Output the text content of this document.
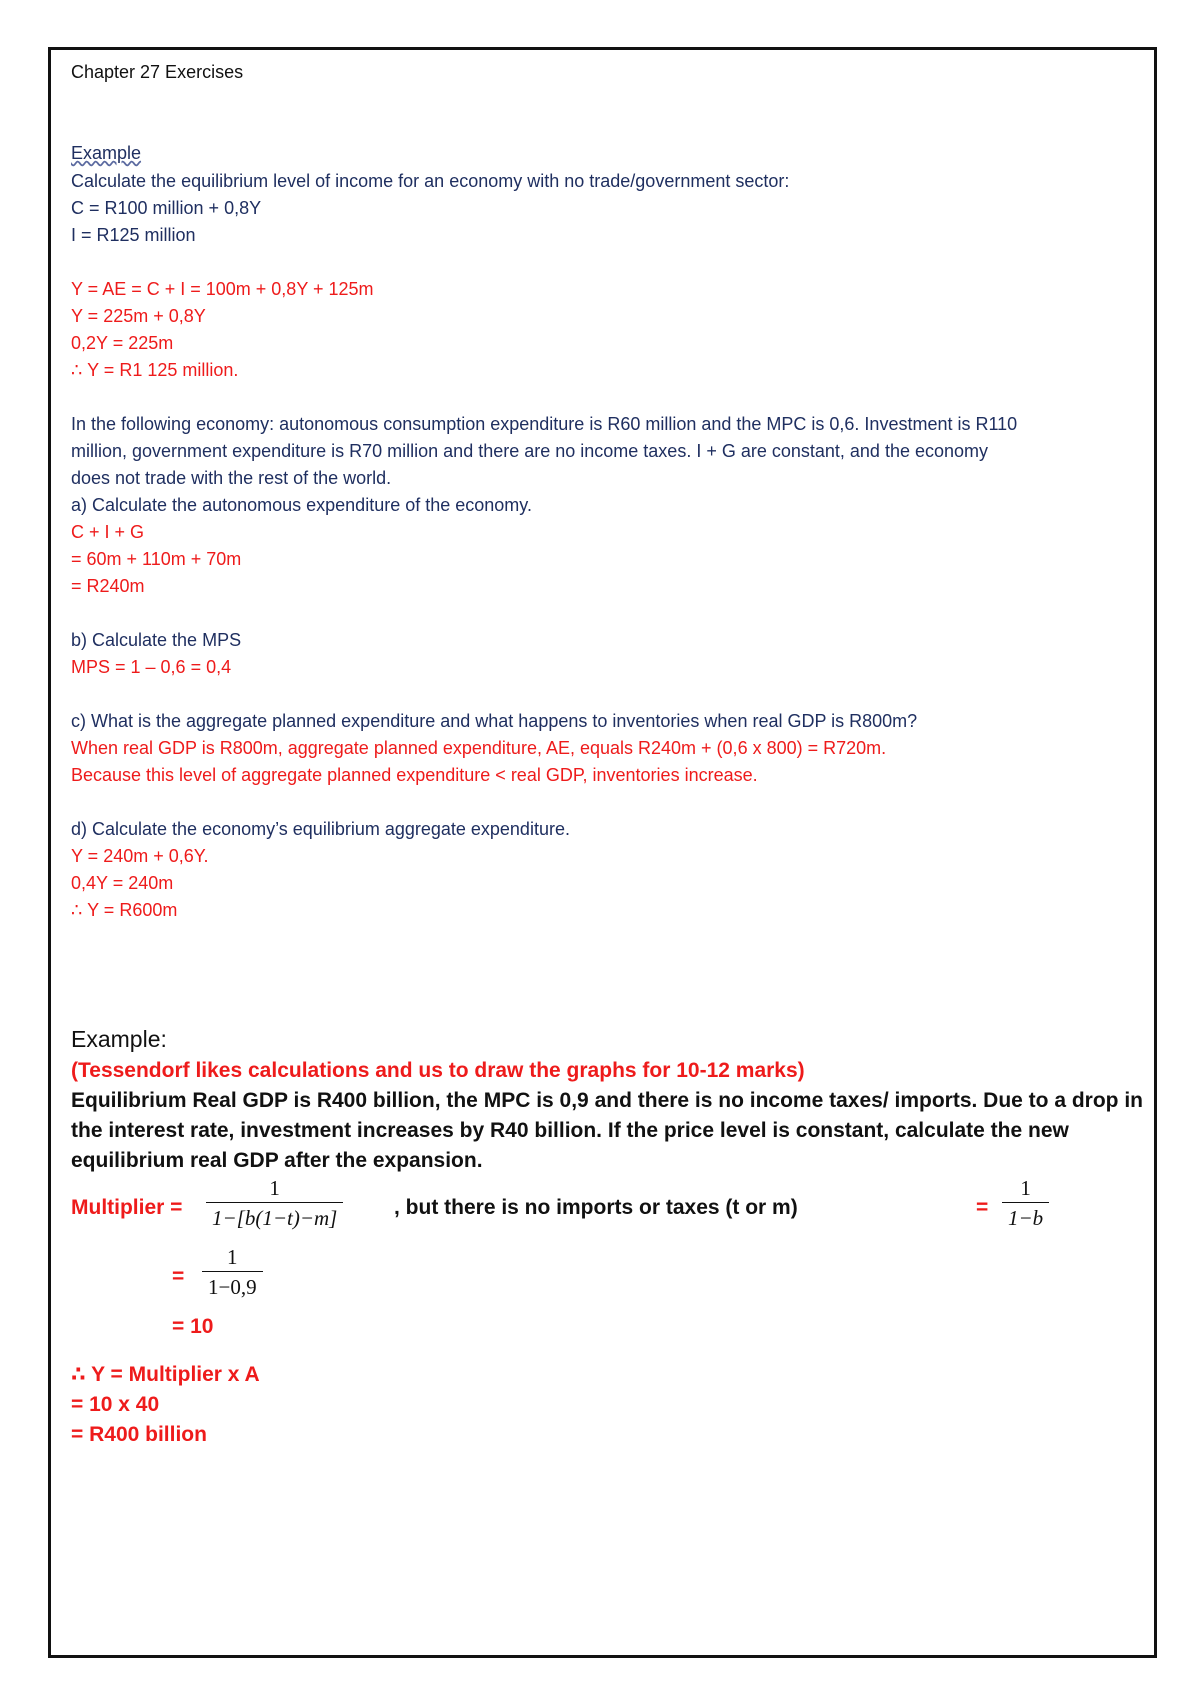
Chapter 27 Exercises
Example
Calculate the equilibrium level of income for an economy with no trade/government sector:
C = R100 million + 0,8Y
I = R125 million
Y = AE = C + I = 100m + 0,8Y + 125m
Y = 225m + 0,8Y
0,2Y = 225m
∴ Y = R1 125 million.
In the following economy: autonomous consumption expenditure is R60 million and the MPC is 0,6. Investment is R110
million, government expenditure is R70 million and there are no income taxes. I + G are constant, and the economy
does not trade with the rest of the world.
a) Calculate the autonomous expenditure of the economy.
C + I + G
= 60m + 110m + 70m
= R240m
b) Calculate the MPS
MPS = 1 – 0,6 = 0,4
c) What is the aggregate planned expenditure and what happens to inventories when real GDP is R800m?
When real GDP is R800m, aggregate planned expenditure, AE, equals R240m + (0,6 x 800) = R720m.
Because this level of aggregate planned expenditure < real GDP, inventories increase.
d) Calculate the economy’s equilibrium aggregate expenditure.
Y = 240m + 0,6Y.
0,4Y = 240m
∴ Y = R600m
Example:
(Tessendorf likes calculations and us to draw the graphs for 10-12 marks)
Equilibrium Real GDP is R400 billion, the MPC is 0,9 and there is no income taxes/ imports. Due to a drop in
the interest rate, investment increases by R40 billion. If the price level is constant, calculate the new
equilibrium real GDP after the expansion.
Multiplier =
1
1−[b(1−t)−m]	, but there is no imports or taxes (t or m)	=
1
1−b
=
1
1−0,9
= 10
∴ Y = Multiplier x A
= 10 x 40
= R400 billion
